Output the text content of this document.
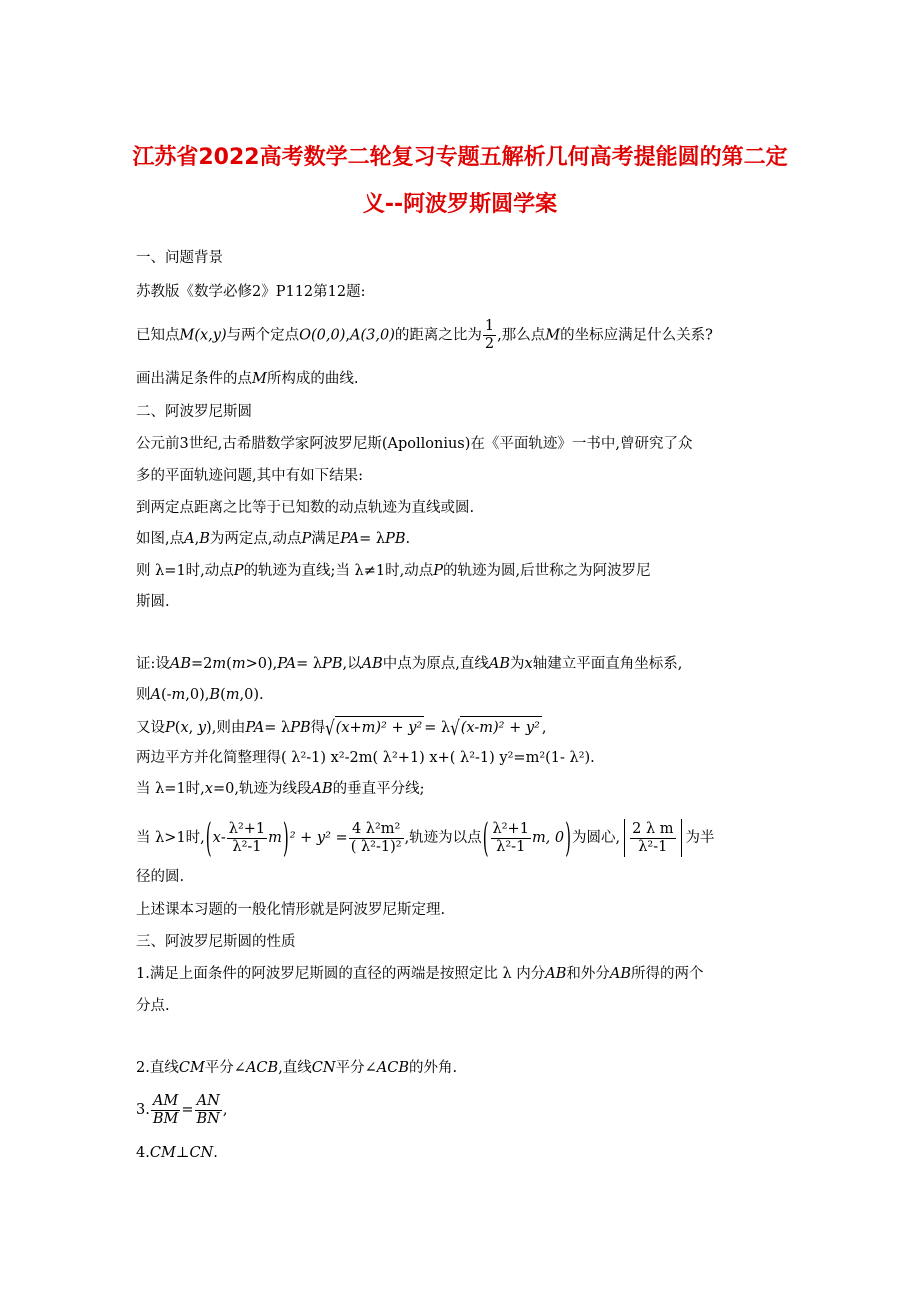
江苏省2022高考数学二轮复习专题五解析几何高考提能圆的第二定
义--阿波罗斯圆学案
一、问题背景
苏教版《数学必修2》P112第12题:
已知点M(x,y)与两个定点O(0,0),A(3,0)的距离之比为 $\frac{1}{2}$ ,那么点M的坐标应满足什么关系?
画出满足条件的点M所构成的曲线.
二、阿波罗尼斯圆
公元前3世纪,古希腊数学家阿波罗尼斯(Apollonius)在《平面轨迹》一书中,曾研究了众
多的平面轨迹问题,其中有如下结果:
到两定点距离之比等于已知数的动点轨迹为直线或圆.
如图,点A,B为两定点,动点P满足PA= λPB.
则 λ=1时,动点P的轨迹为直线;当 λ≠1时,动点P的轨迹为圆,后世称之为阿波罗尼
斯圆.
证:设AB=2m(m>0),PA= λPB,以AB中点为原点,直线AB为x轴建立平面直角坐标系,
则A(-m,0),B(m,0).
又设P(x, y),则由PA= λPB得√(x+m)² + y² = λ√(x-m)² + y² ,
两边平方并化简整理得( λ²-1) x²-2m( λ²+1) x+( λ²-1) y²=m²(1- λ²).
当 λ=1时,x=0,轨迹为线段AB的垂直平分线;
当 λ>1时$,(x- \frac{\text{λ²+1}}{\text{λ²-1}} m)^2 + y^2 = \frac{\text{4 λ²m²}}{\text{( λ²-1)²}}$ ,轨迹为以点( $\frac{\text{λ²+1}}{\text{λ²-1}} m$, 0)为圆心, $\frac{\text{2 λ m}}{\text{λ²-1}}$ 为半
径的圆.
上述课本习题的一般化情形就是阿波罗尼斯定理.
三、阿波罗尼斯圆的性质
1.满足上面条件的阿波罗尼斯圆的直径的两端是按照定比 λ 内分AB和外分AB所得的两个
分点.
2.直线CM平分∠ACB,直线CN平分∠ACB的外角.
3. $\frac{AM}{BM} = \frac{AN}{BN}$ ,
4.CM⊥CN.
